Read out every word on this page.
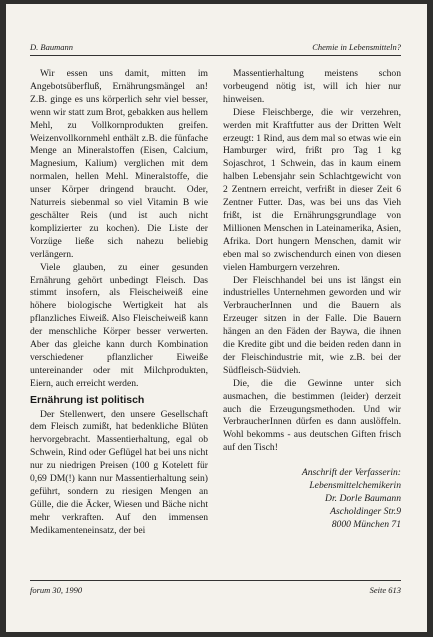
D. Baumann	Chemie in Lebensmitteln?

Wir essen uns damit, mitten im Angebotsüberfluß, Ernährungsmängel an! Z.B. ginge es uns körperlich sehr viel besser, wenn wir statt zum Brot, gebakken aus hellem Mehl, zu Vollkornprodukten greifen. Weizenvollkornmehl enthält z.B. die fünfache Menge an Mineralstoffen (Eisen, Calcium, Magnesium, Kalium) verglichen mit dem normalen, hellen Mehl. Mineralstoffe, die unser Körper dringend braucht. Oder, Naturreis siebenmal so viel Vitamin B wie geschälter Reis (und ist auch nicht komplizierter zu kochen). Die Liste der Vorzüge ließe sich nahezu beliebig verlängern.

Viele glauben, zu einer gesunden Ernährung gehört unbedingt Fleisch. Das stimmt insofern, als Fleischeiweiß eine höhere biologische Wertigkeit hat als pflanzliches Eiweiß. Also Fleischeiweiß kann der menschliche Körper besser verwerten. Aber das gleiche kann durch Kombination verschiedener pflanzlicher Eiweiße untereinander oder mit Milchprodukten, Eiern, auch erreicht werden.

Ernährung ist politisch

Der Stellenwert, den unsere Gesellschaft dem Fleisch zumißt, hat bedenkliche Blüten hervorgebracht. Massentierhaltung, egal ob Schwein, Rind oder Geflügel hat bei uns nicht nur zu niedrigen Preisen (100 g Kotelett für 0,69 DM(!) kann nur Massentierhaltung sein) geführt, sondern zu riesigen Mengen an Gülle, die die Äcker, Wiesen und Bäche nicht mehr verkraften. Auf den immensen Medikamenteneinsatz, der bei

Massentierhaltung meistens schon vorbeugend nötig ist, will ich hier nur hinweisen.

Diese Fleischberge, die wir verzehren, werden mit Kraftfutter aus der Dritten Welt erzeugt: 1 Rind, aus dem mal so etwas wie ein Hamburger wird, frißt pro Tag 1 kg Sojaschrot, 1 Schwein, das in kaum einem halben Lebensjahr sein Schlachtgewicht von 2 Zentnern erreicht, verfrißt in dieser Zeit 6 Zentner Futter. Das, was bei uns das Vieh frißt, ist die Ernährungsgrundlage von Millionen Menschen in Lateinamerika, Asien, Afrika. Dort hungern Menschen, damit wir eben mal so zwischendurch einen von diesen vielen Hamburgern verzehren.

Der Fleischhandel bei uns ist längst ein industrielles Unternehmen geworden und wir VerbraucherInnen und die Bauern als Erzeuger sitzen in der Falle. Die Bauern hängen an den Fäden der Baywa, die ihnen die Kredite gibt und die beiden reden dann in der Fleischindustrie mit, wie z.B. bei der Südfleisch-Südvieh.

Die, die die Gewinne unter sich ausmachen, die bestimmen (leider) derzeit auch die Erzeugungsmethoden. Und wir VerbraucherInnen dürfen es dann auslöffeln. Wohl bekomms - aus deutschen Giften frisch auf den Tisch!

Anschrift der Verfasserin:
Lebensmittelchemikerin
Dr. Dorle Baumann
Ascholdinger Str.9
8000 München 71
forum 30, 1990	Seite 613
